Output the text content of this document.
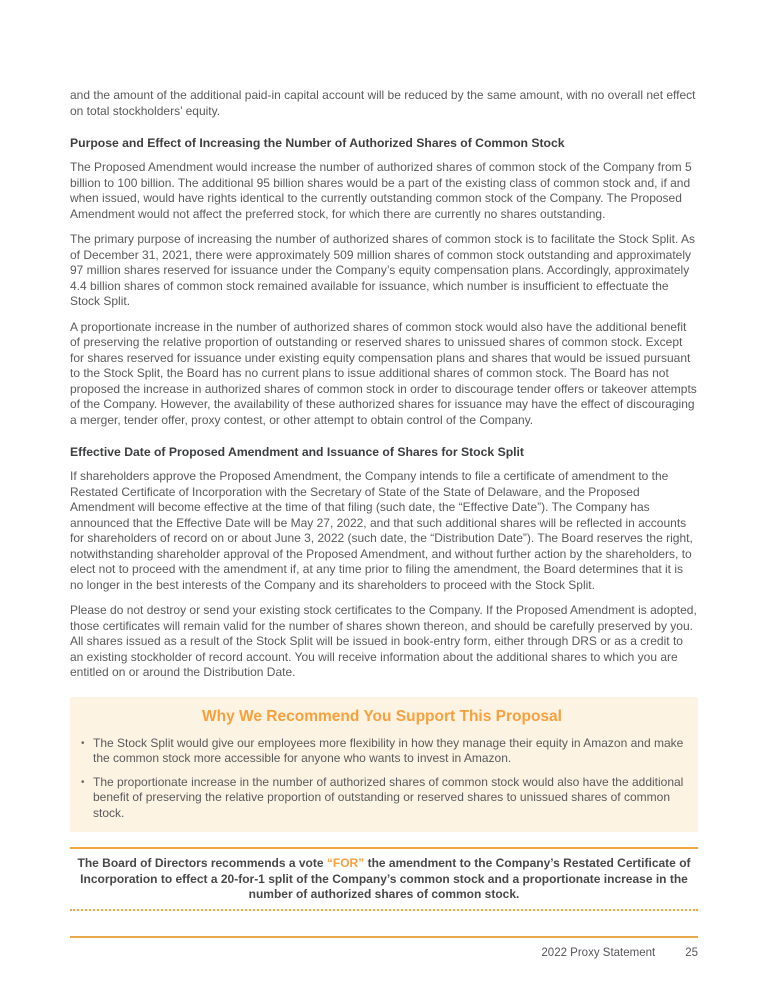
and the amount of the additional paid-in capital account will be reduced by the same amount, with no overall net effect on total stockholders’ equity.

Purpose and Effect of Increasing the Number of Authorized Shares of Common Stock

The Proposed Amendment would increase the number of authorized shares of common stock of the Company from 5 billion to 100 billion. The additional 95 billion shares would be a part of the existing class of common stock and, if and when issued, would have rights identical to the currently outstanding common stock of the Company. The Proposed Amendment would not affect the preferred stock, for which there are currently no shares outstanding.

The primary purpose of increasing the number of authorized shares of common stock is to facilitate the Stock Split. As of December 31, 2021, there were approximately 509 million shares of common stock outstanding and approximately 97 million shares reserved for issuance under the Company’s equity compensation plans. Accordingly, approximately 4.4 billion shares of common stock remained available for issuance, which number is insufficient to effectuate the Stock Split.

A proportionate increase in the number of authorized shares of common stock would also have the additional benefit of preserving the relative proportion of outstanding or reserved shares to unissued shares of common stock. Except for shares reserved for issuance under existing equity compensation plans and shares that would be issued pursuant to the Stock Split, the Board has no current plans to issue additional shares of common stock. The Board has not proposed the increase in authorized shares of common stock in order to discourage tender offers or takeover attempts of the Company. However, the availability of these authorized shares for issuance may have the effect of discouraging a merger, tender offer, proxy contest, or other attempt to obtain control of the Company.

Effective Date of Proposed Amendment and Issuance of Shares for Stock Split

If shareholders approve the Proposed Amendment, the Company intends to file a certificate of amendment to the Restated Certificate of Incorporation with the Secretary of State of the State of Delaware, and the Proposed Amendment will become effective at the time of that filing (such date, the “Effective Date”). The Company has announced that the Effective Date will be May 27, 2022, and that such additional shares will be reflected in accounts for shareholders of record on or about June 3, 2022 (such date, the “Distribution Date”). The Board reserves the right, notwithstanding shareholder approval of the Proposed Amendment, and without further action by the shareholders, to elect not to proceed with the amendment if, at any time prior to filing the amendment, the Board determines that it is no longer in the best interests of the Company and its shareholders to proceed with the Stock Split.

Please do not destroy or send your existing stock certificates to the Company. If the Proposed Amendment is adopted, those certificates will remain valid for the number of shares shown thereon, and should be carefully preserved by you. All shares issued as a result of the Stock Split will be issued in book-entry form, either through DRS or as a credit to an existing stockholder of record account. You will receive information about the additional shares to which you are entitled on or around the Distribution Date.

Why We Recommend You Support This Proposal
• The Stock Split would give our employees more flexibility in how they manage their equity in Amazon and make the common stock more accessible for anyone who wants to invest in Amazon.
• The proportionate increase in the number of authorized shares of common stock would also have the additional benefit of preserving the relative proportion of outstanding or reserved shares to unissued shares of common stock.

The Board of Directors recommends a vote “FOR” the amendment to the Company’s Restated Certificate of Incorporation to effect a 20-for-1 split of the Company’s common stock and a proportionate increase in the number of authorized shares of common stock.

2022 Proxy Statement	25
